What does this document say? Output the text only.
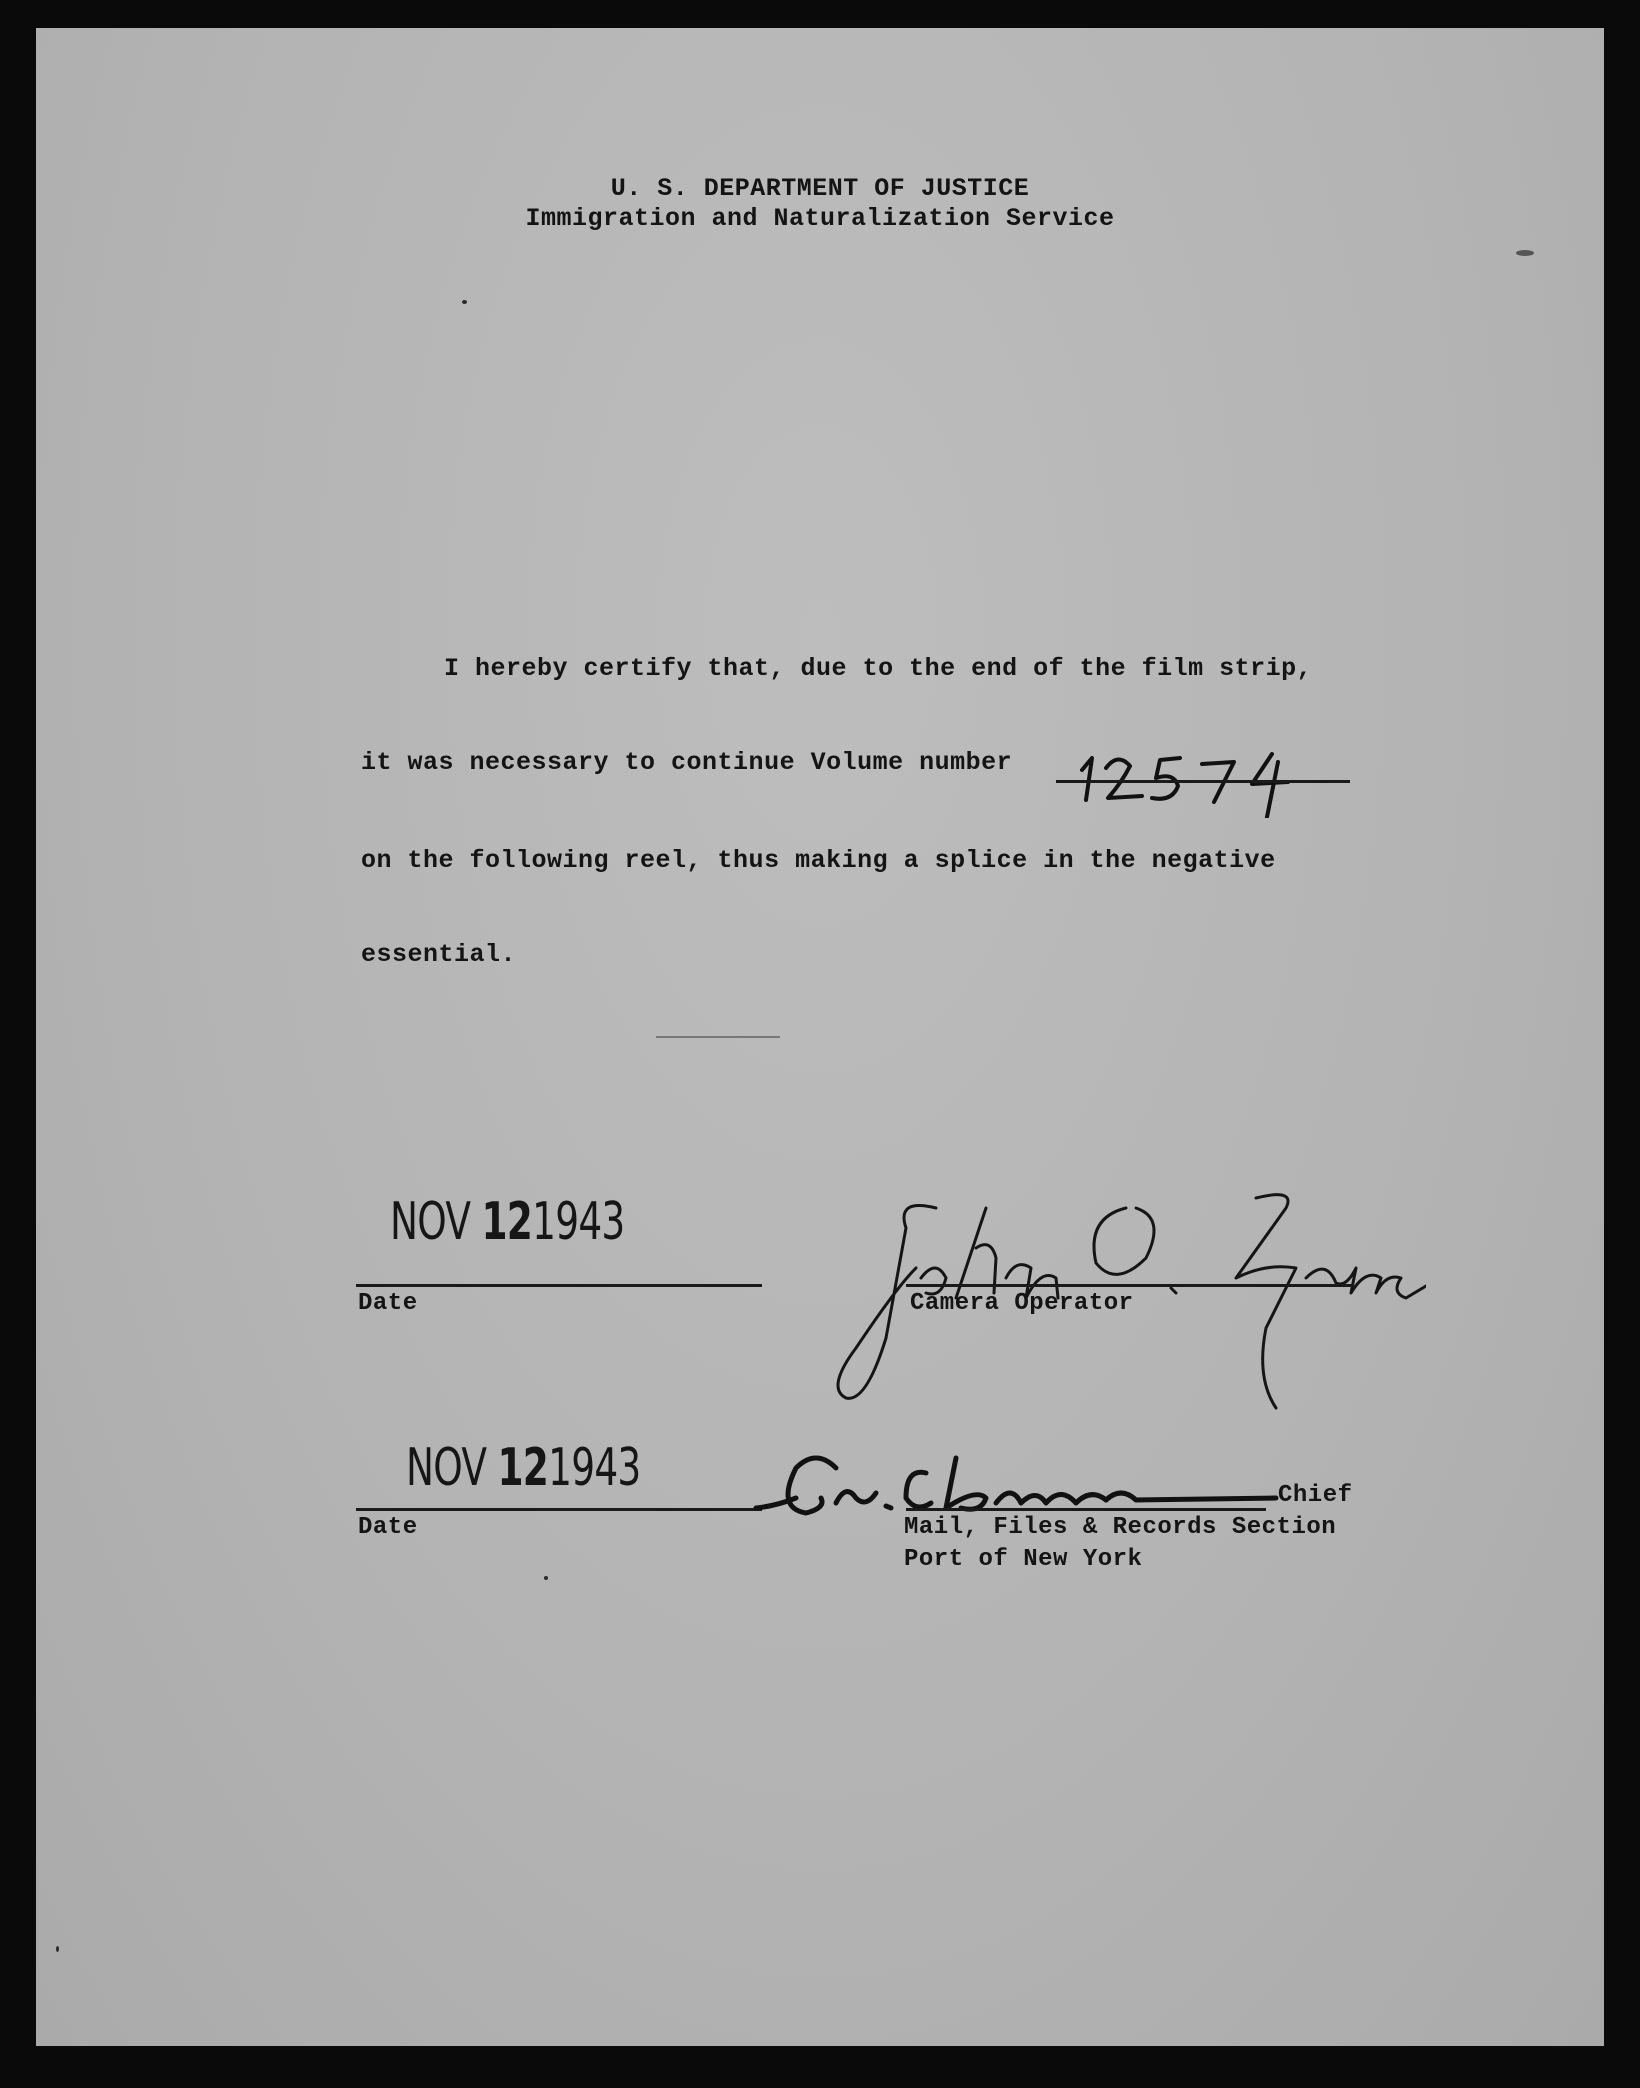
U. S. DEPARTMENT OF JUSTICE
Immigration and Naturalization Service
I hereby certify that, due to the end of the film strip,
it was necessary to continue Volume number
on the following reel, thus making a splice in the negative
essential.
NOV 121943
Date	Camera Operator
NOV 121943
Date
Chief
Mail, Files & Records Section
Port of New York
